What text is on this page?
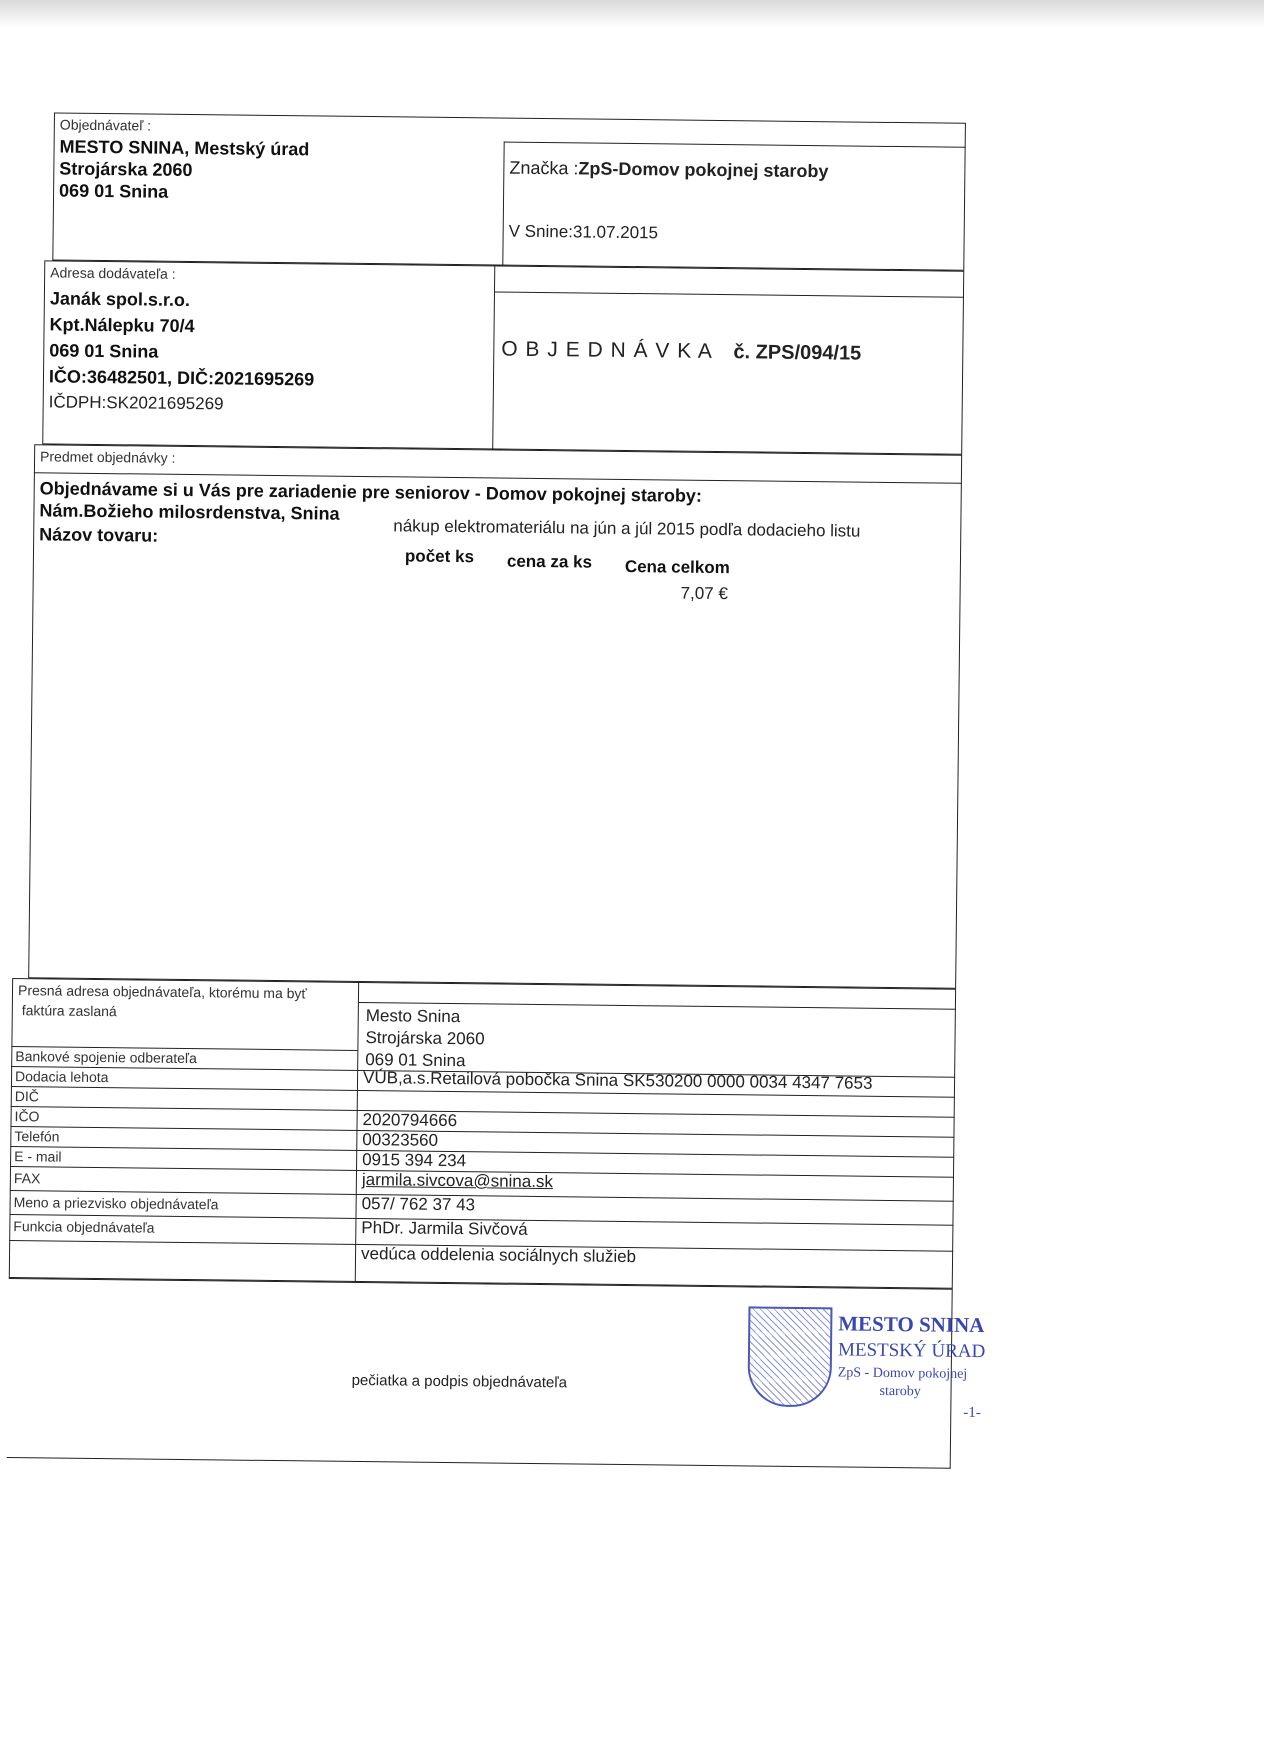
Objednávateľ :
MESTO SNINA, Mestský úrad
Strojárska 2060
069 01 Snina
Značka :ZpS-Domov pokojnej staroby
V Snine:31.07.2015
Adresa dodávateľa :
Janák spol.s.r.o.
Kpt.Nálepku 70/4
069 01 Snina
IČO:36482501, DIČ:2021695269
IČDPH:SK2021695269
O B J E D N Á V K A č. ZPS/094/15
Predmet objednávky :
Objednávame si u Vás pre zariadenie pre seniorov - Domov pokojnej staroby:
Nám.Božieho milosrdenstva, Snina
nákup elektromateriálu na jún a júl 2015 podľa dodacieho listu
Názov tovaru:
počet ks cena za ks Cena celkom
7,07 €
Presná adresa objednávateľa, ktorému ma byť
faktúra zaslaná	Mesto Snina
Strojárska 2060
069 01 Snina
Bankové spojenie odberateľa
VÚB,a.s.Retailová pobočka Snina SK530200 0000 0034 4347 7653
Dodacia lehota
DIČ
2020794666
IČO
00323560
Telefón
0915 394 234
E - mail
jarmila.sivcova@snina.sk
FAX
057/ 762 37 43
Meno a priezvisko objednávateľa
PhDr. Jarmila Sivčová
Funkcia objednávateľa
vedúca oddelenia sociálnych služieb
pečiatka a podpis objednávateľa
MESTO SNINA
MESTSKÝ ÚRAD
ZpS - Domov pokojnej
staroby
-1-
